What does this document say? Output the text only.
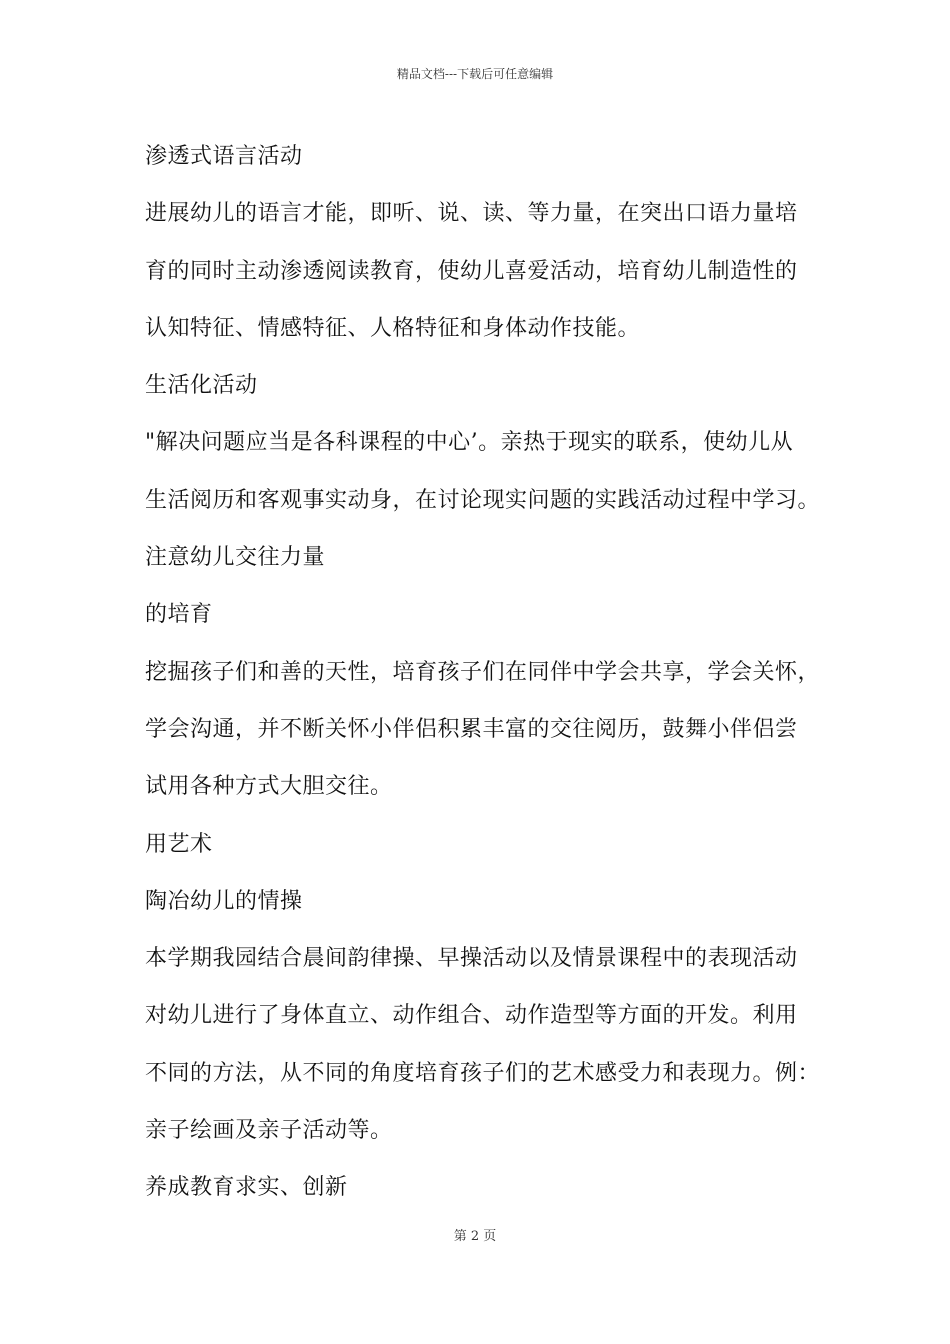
精品文档---下载后可任意编辑
渗透式语言活动
进展幼儿的语言才能，即听、说、读、等力量，在突出口语力量培
育的同时主动渗透阅读教育，使幼儿喜爱活动，培育幼儿制造性的
认知特征、情感特征、人格特征和身体动作技能。
生活化活动
"解决问题应当是各科课程的中心’。亲热于现实的联系，使幼儿从
生活阅历和客观事实动身，在讨论现实问题的实践活动过程中学习。
注意幼儿交往力量
的培育
挖掘孩子们和善的天性，培育孩子们在同伴中学会共享，学会关怀，
学会沟通，并不断关怀小伴侣积累丰富的交往阅历，鼓舞小伴侣尝
试用各种方式大胆交往。
用艺术
陶冶幼儿的情操
本学期我园结合晨间韵律操、早操活动以及情景课程中的表现活动
对幼儿进行了身体直立、动作组合、动作造型等方面的开发。利用
不同的方法，从不同的角度培育孩子们的艺术感受力和表现力。例：
亲子绘画及亲子活动等。
养成教育求实、创新
第 2 页
